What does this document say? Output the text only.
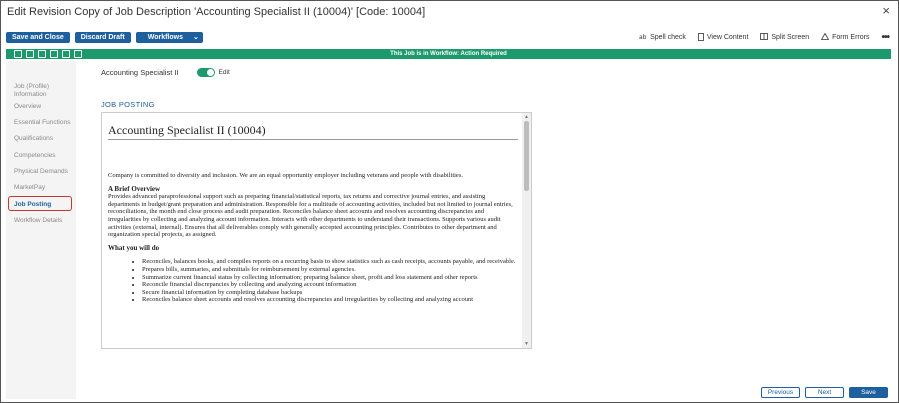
Edit Revision Copy of Job Description 'Accounting Specialist II (10004)' [Code: 10004]	×
Save and Close	Discard Draft	Workflows ⌄	ab Spell check	View Content	Split Screen	Form Errors •••
This Job is in Workflow: Action Required
Job (Profile) Information
Overview
Essential Functions
Qualifications
Competencies
Physical Demands
MarketPay
Job Posting
Workflow Details
Accounting Specialist II	Edit
JOB POSTING
Accounting Specialist II (10004)

Company is committed to diversity and inclusion. We are an equal opportunity employer including veterans and people with disabilities.

A Brief Overview

Provides advanced paraprofessional support such as preparing financial/statistical reports, tax returns and corrective journal entries, and assisting departments in budget/grant preparation and administration. Responsible for a multitude of accounting activities, included but not limited to journal entries, reconciliations, the month end close process and audit preparation. Reconciles balance sheet accounts and resolves accounting discrepancies and irregularities by collecting and analyzing account information. Interacts with other departments to understand their transactions. Supports various audit activities (external, internal). Ensures that all deliverables comply with generally accepted accounting principles. Contributes to other department and organization special projects, as assigned.

What you will do
• Reconciles, balances books, and compiles reports on a recurring basis to show statistics such as cash receipts, accounts payable, and receivable.
• Prepares bills, summaries, and submittals for reimbursement by external agencies.
• Summarize current financial status by collecting information; preparing balance sheet, profit and loss statement and other reports
• Reconcile financial discrepancies by collecting and analyzing account information
• Secure financial information by completing database backups
• Reconciles balance sheet accounts and resolves accounting discrepancies and irregularities by collecting and analyzing account
▲
▼
Previous	Next	Save
